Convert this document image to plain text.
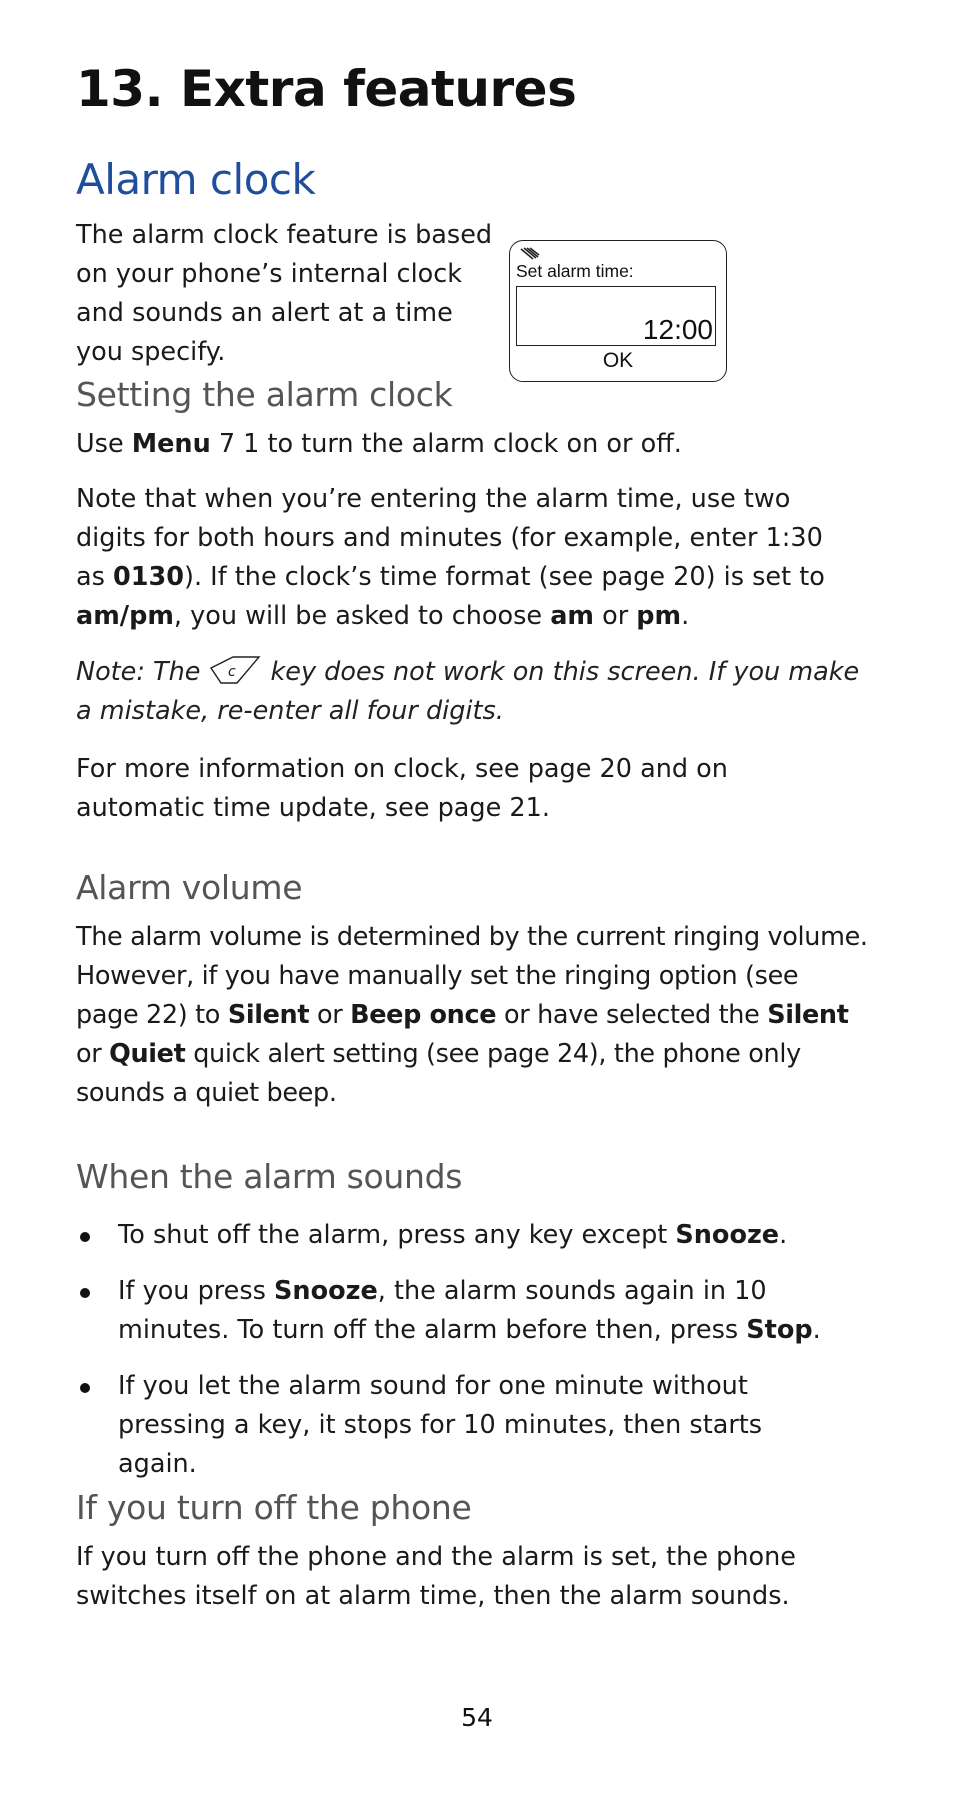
13. Extra features
Alarm clock

The alarm clock feature is based on your phone’s internal clock and sounds an alert at a time you specify.

Setting the alarm clock

Use Menu 7 1 to turn the alarm clock on or off.

Note that when you’re entering the alarm time, use two
digits for both hours and minutes (for example, enter 1:30
as 0130). If the clock’s time format (see page 20) is set to
am/pm, you will be asked to choose am or pm.

Note: The c key does not work on this screen. If you make
a mistake, re-enter all four digits.

For more information on clock, see page 20 and on automatic time update, see page 21.

Alarm volume

The alarm volume is determined by the current ringing volume.
However, if you have manually set the ringing option (see
page 22) to Silent or Beep once or have selected the Silent
or Quiet quick alert setting (see page 24), the phone only
sounds a quiet beep.

When the alarm sounds
To shut off the alarm, press any key except Snooze.
If you press Snooze, the alarm sounds again in 10 minutes. To turn off the alarm before then, press Stop.
If you let the alarm sound for one minute without pressing a key, it stops for 10 minutes, then starts again.
If you turn off the phone

If you turn off the phone and the alarm is set, the phone switches itself on at alarm time, then the alarm sounds.

Set alarm time:
12:00
OK
54
